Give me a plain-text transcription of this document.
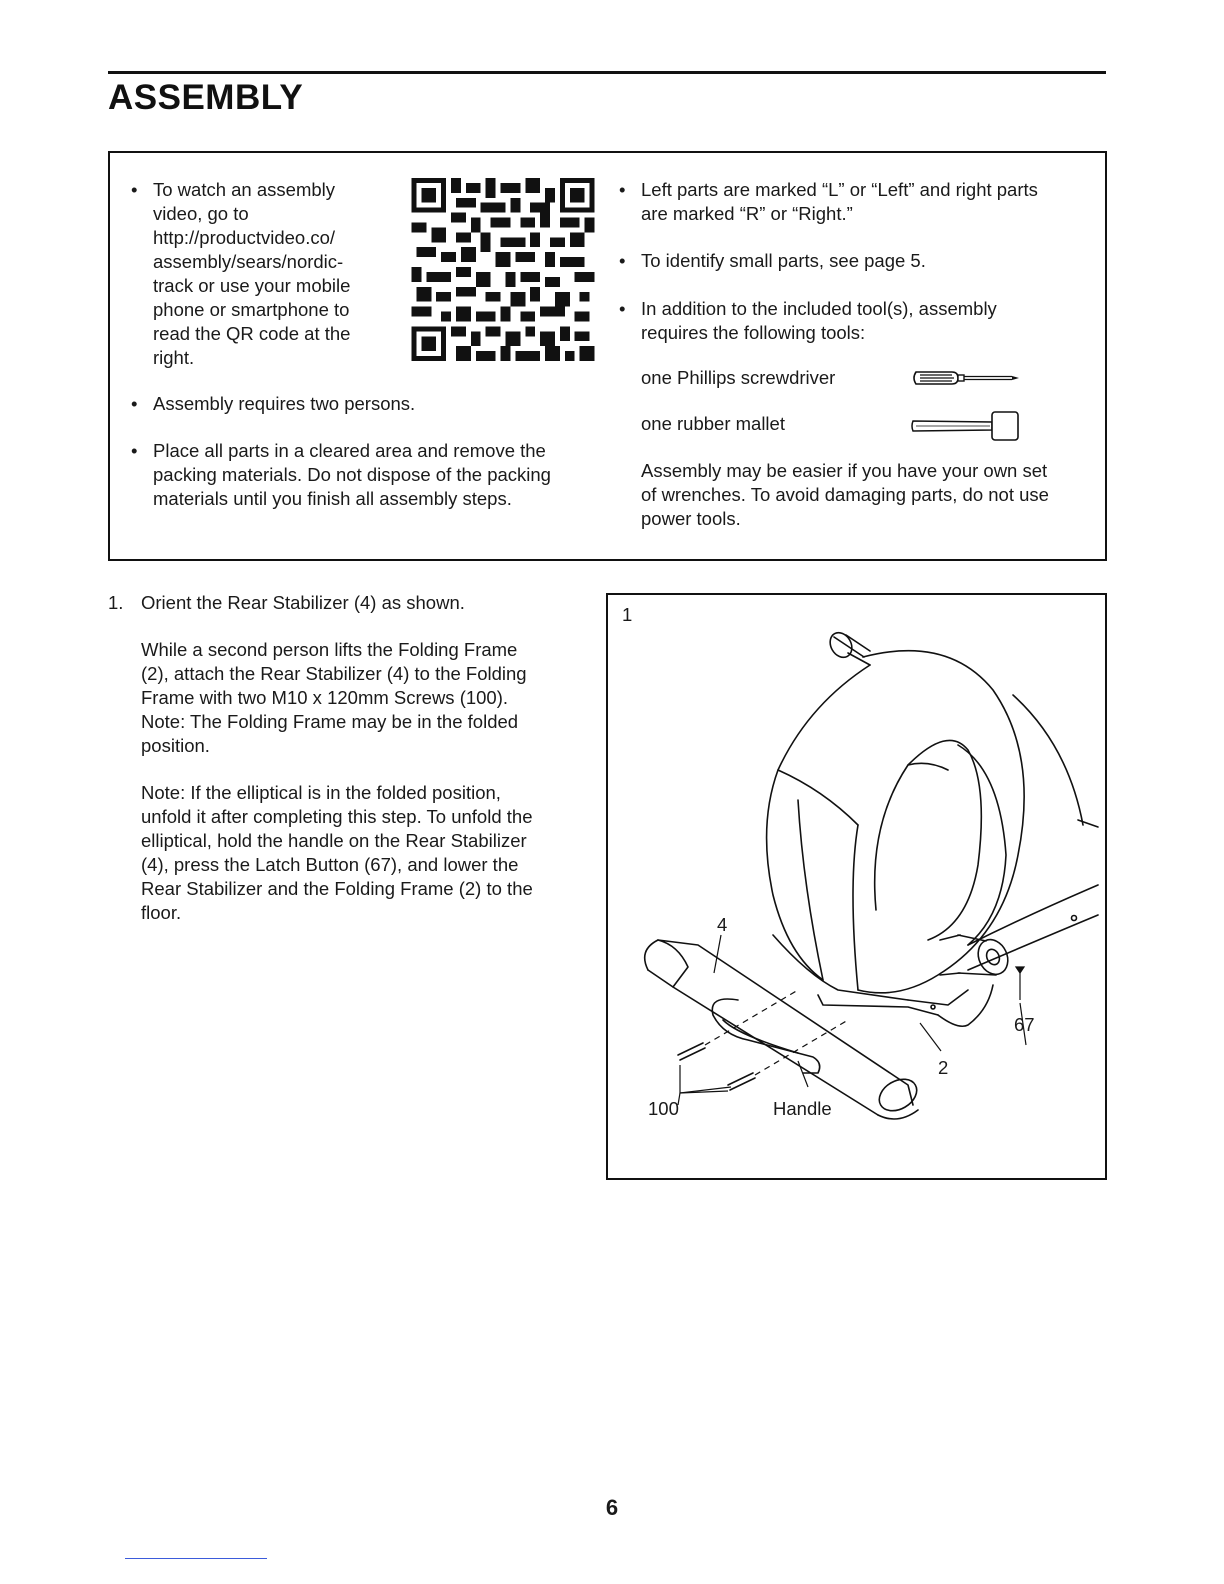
ASSEMBLY
• To watch an assembly
video, go to
http://productvideo.co/
assembly/sears/nordic-
track or use your mobile
phone or smartphone to
read the QR code at the
right.
• Assembly requires two persons.
• Place all parts in a cleared area and remove the
packing materials. Do not dispose of the packing
materials until you finish all assembly steps.
• Left parts are marked “L” or “Left” and right parts
are marked “R” or “Right.”
• To identify small parts, see page 5.
• In addition to the included tool(s), assembly
requires the following tools:
one Phillips screwdriver
one rubber mallet
Assembly may be easier if you have your own set
of wrenches. To avoid damaging parts, do not use
power tools.
1. Orient the Rear Stabilizer (4) as shown.
While a second person lifts the Folding Frame
(2), attach the Rear Stabilizer (4) to the Folding
Frame with two M10 x 120mm Screws (100).
Note: The Folding Frame may be in the folded
position.
Note: If the elliptical is in the folded position,
unfold it after completing this step. To unfold the
elliptical, hold the handle on the Rear Stabilizer
(4), press the Latch Button (67), and lower the
Rear Stabilizer and the Folding Frame (2) to the
floor.
1
4
67
2
100	Handle
6
